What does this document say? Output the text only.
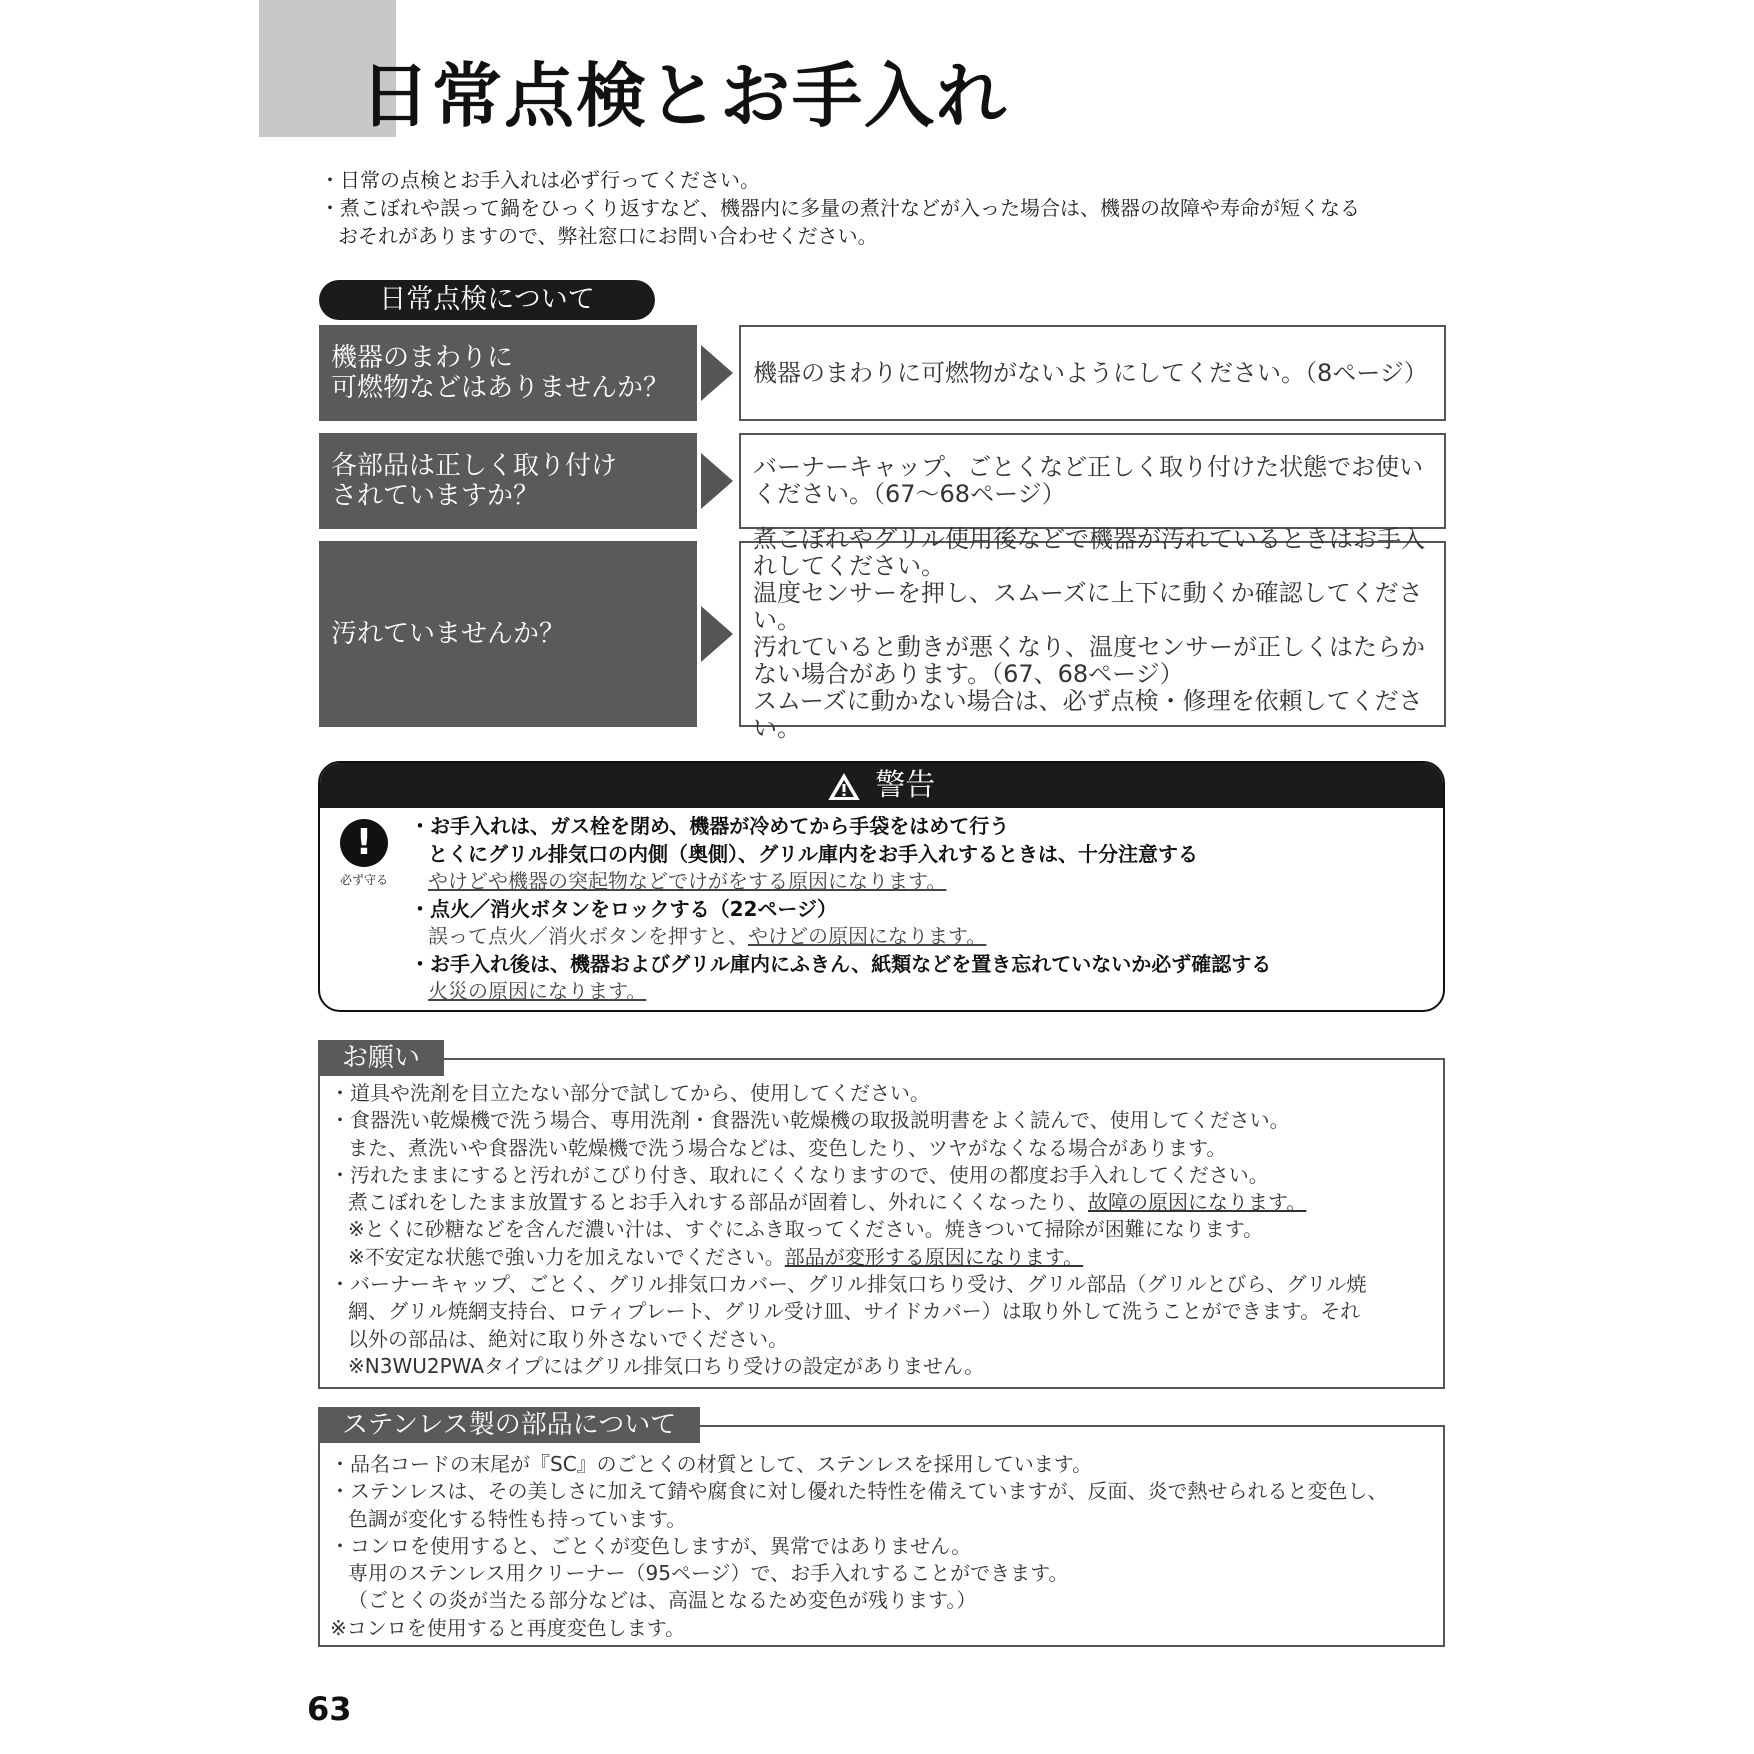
日常点検とお手入れ
・日常の点検とお手入れは必ず行ってください。
・煮こぼれや誤って鍋をひっくり返すなど、機器内に多量の煮汁などが入った場合は、機器の故障や寿命が短くなる
おそれがありますので、弊社窓口にお問い合わせください。
日常点検について
機器のまわりに
可燃物などはありませんか？
機器のまわりに可燃物がないようにしてください。（8ページ）
各部品は正しく取り付け
されていますか？
バーナーキャップ、ごとくなど正しく取り付けた状態でお使い
ください。（67〜68ページ）
汚れていませんか？
煮こぼれやグリル使用後などで機器が汚れているときはお手入
れしてください。
温度センサーを押し、スムーズに上下に動くか確認してください。
汚れていると動きが悪くなり、温度センサーが正しくはたらか
ない場合があります。（67、68ページ）
スムーズに動かない場合は、必ず点検・修理を依頼してください。
警告
!
必ず守る
・お手入れは、ガス栓を閉め、機器が冷めてから手袋をはめて行う
とくにグリル排気口の内側（奥側）、グリル庫内をお手入れするときは、十分注意する
やけどや機器の突起物などでけがをする原因になります。
・点火／消火ボタンをロックする（22ページ）
誤って点火／消火ボタンを押すと、やけどの原因になります。
・お手入れ後は、機器およびグリル庫内にふきん、紙類などを置き忘れていないか必ず確認する
火災の原因になります。
・道具や洗剤を目立たない部分で試してから、使用してください。
・食器洗い乾燥機で洗う場合、専用洗剤・食器洗い乾燥機の取扱説明書をよく読んで、使用してください。
また、煮洗いや食器洗い乾燥機で洗う場合などは、変色したり、ツヤがなくなる場合があります。
・汚れたままにすると汚れがこびり付き、取れにくくなりますので、使用の都度お手入れしてください。
煮こぼれをしたまま放置するとお手入れする部品が固着し、外れにくくなったり、故障の原因になります。
※とくに砂糖などを含んだ濃い汁は、すぐにふき取ってください。焼きついて掃除が困難になります。
※不安定な状態で強い力を加えないでください。部品が変形する原因になります。
・バーナーキャップ、ごとく、グリル排気口カバー、グリル排気口ちり受け、グリル部品（グリルとびら、グリル焼
網、グリル焼網支持台、ロティプレート、グリル受け皿、サイドカバー）は取り外して洗うことができます。それ
以外の部品は、絶対に取り外さないでください。
※N3WU2PWAタイプにはグリル排気口ちり受けの設定がありません。
お願い
・品名コードの末尾が『SC』のごとくの材質として、ステンレスを採用しています。
・ステンレスは、その美しさに加えて錆や腐食に対し優れた特性を備えていますが、反面、炎で熱せられると変色し、
色調が変化する特性も持っています。
・コンロを使用すると、ごとくが変色しますが、異常ではありません。
専用のステンレス用クリーナー（95ページ）で、お手入れすることができます。
（ごとくの炎が当たる部分などは、高温となるため変色が残ります。）
※コンロを使用すると再度変色します。
ステンレス製の部品について
63
